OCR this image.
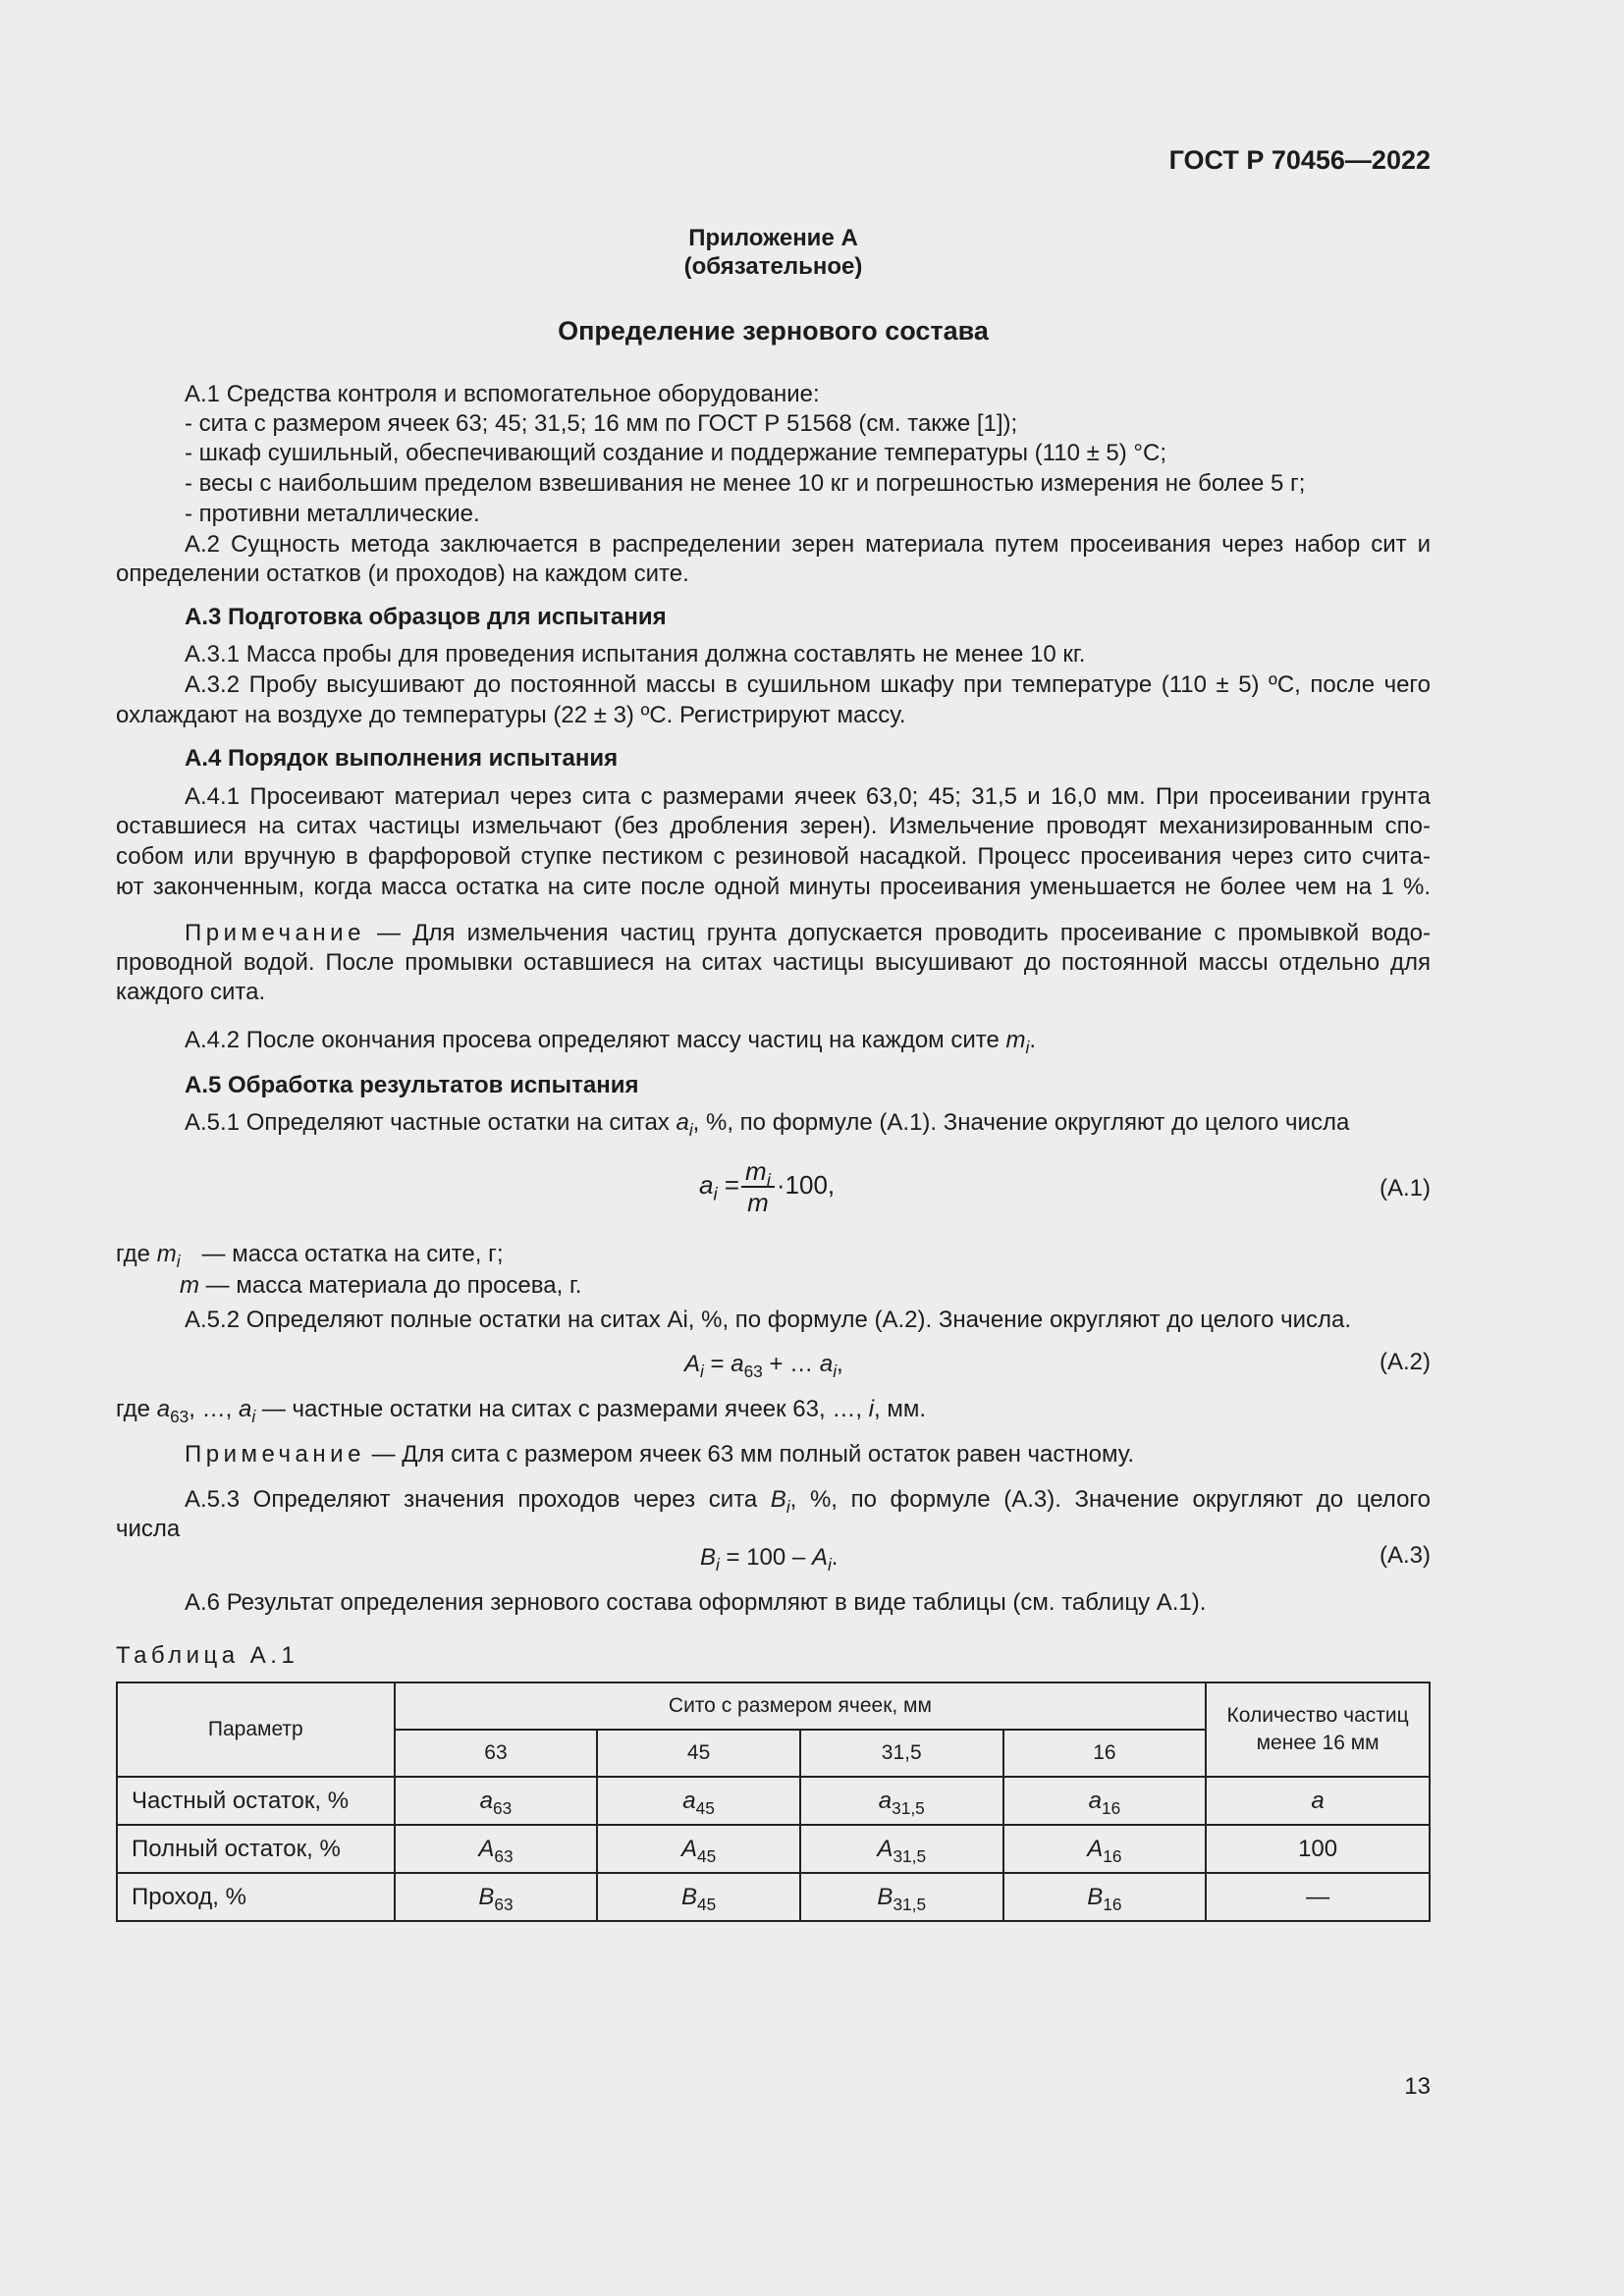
ГОСТ Р 70456—2022
Приложение А
(обязательное)
Определение зернового состава
А.1 Средства контроля и вспомогательное оборудование:
- сита с размером ячеек 63; 45; 31,5; 16 мм по ГОСТ Р 51568 (см. также [1]);
- шкаф сушильный, обеспечивающий создание и поддержание температуры (110 ± 5) °С;
- весы с наибольшим пределом взвешивания не менее 10 кг и погрешностью измерения не более 5 г;
- противни металлические.
А.2 Сущность метода заключается в распределении зерен материала путем просеивания через набор сит и
определении остатков (и проходов) на каждом сите.
А.3 Подготовка образцов для испытания
А.3.1 Масса пробы для проведения испытания должна составлять не менее 10 кг.
А.3.2 Пробу высушивают до постоянной массы в сушильном шкафу при температуре (110 ± 5) ºС, после чего
охлаждают на воздухе до температуры (22 ± 3) ºС. Регистрируют массу.
А.4 Порядок выполнения испытания
А.4.1 Просеивают материал через сита с размерами ячеек 63,0; 45; 31,5 и 16,0 мм. При просеивании грунта
оставшиеся на ситах частицы измельчают (без дробления зерен). Измельчение проводят механизированным спо-
собом или вручную в фарфоровой ступке пестиком с резиновой насадкой. Процесс просеивания через сито считa-
ют законченным, когда масса остатка на сите после одной минуты просеивания уменьшается не более чем на 1 %.
Примечание — Для измельчения частиц грунта допускается проводить просеивание с промывкой водо-
проводной водой. После промывки оставшиеся на ситах частицы высушивают до постоянной массы отдельно для
каждого сита.
А.4.2 После окончания просева определяют массу частиц на каждом сите $m_i$.
А.5 Обработка результатов испытания
А.5.1 Определяют частные остатки на ситах $a_i$, %, по формуле (А.1). Значение округляют до целого числа
$a_i = \frac{m_i}{m} \cdot 100$,	(А.1)
где $m_i$ — масса остатка на сите, г;
m — масса материала до просева, г.
А.5.2 Определяют полные остатки на ситах Аi, %, по формуле (А.2). Значение округляют до целого числа.
$A_i = a_{63}$ + … $a_i$,	(А.2)
где $a_{63}$, …, $a_i$ — частные остатки на ситах с размерами ячеек 63, …, i, мм.
Примечание — Для сита с размером ячеек 63 мм полный остаток равен частному.
А.5.3 Определяют значения проходов через сита $B_i$, %, по формуле (А.3). Значение округляют до целого
числа
$B_i = 100 - A_i$.	(А.3)
А.6 Результат определения зернового состава оформляют в виде таблицы (см. таблицу А.1).
Таблица А.1
Параметр	Сито с размером ячеек, мм				Количество частиц
менее 16 мм

	63	45	31,5	16	
Частный остаток, %	$a_{63}$	$a_{45}$	$a_{31,5}$	$a_{16}$	a
Полный остаток, %	$A_{63}$	$A_{45}$	$A_{31,5}$	$A_{16}$	100
Проход, %	$B_{63}$	$B_{45}$	$B_{31,5}$	$B_{16}$	—
13
